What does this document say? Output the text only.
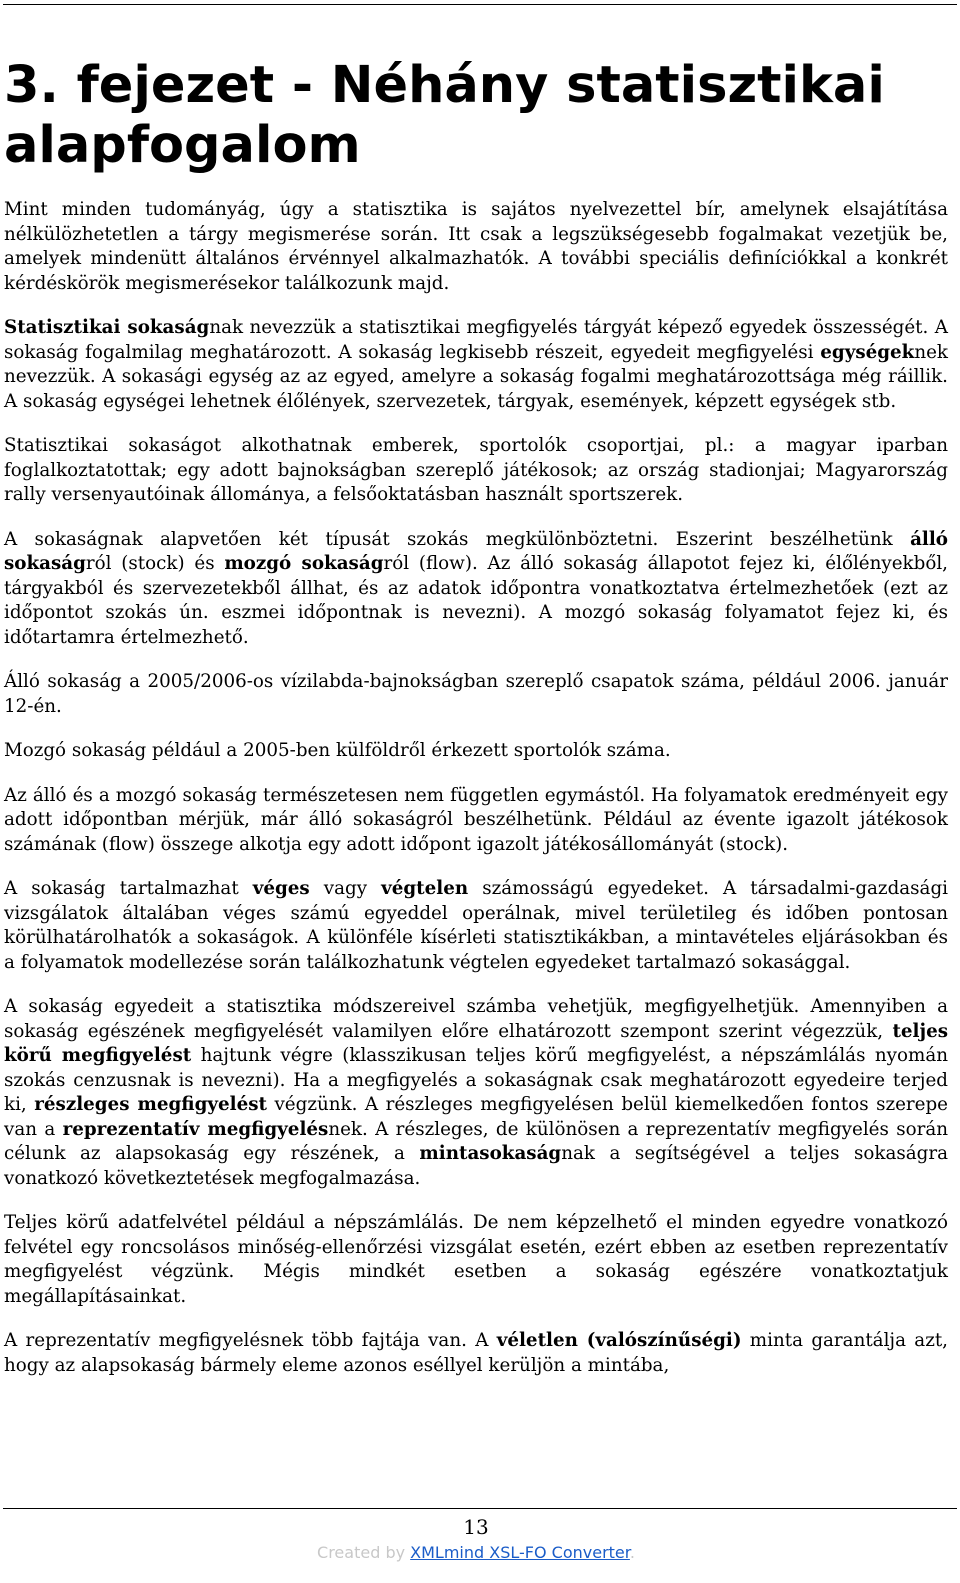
3. fejezet - Néhány statisztikai alapfogalom

Mint minden tudományág, úgy a statisztika is sajátos nyelvezettel bír, amelynek elsajátítása nélkülözhetetlen a tárgy megismerése során. Itt csak a legszükségesebb fogalmakat vezetjük be, amelyek mindenütt általános érvénnyel alkalmazhatók. A további speciális definíciókkal a konkrét kérdéskörök megismerésekor találkozunk majd.

Statisztikai sokaságnak nevezzük a statisztikai megfigyelés tárgyát képező egyedek összességét. A sokaság fogalmilag meghatározott. A sokaság legkisebb részeit, egyedeit megfigyelési egységeknek nevezzük. A sokasági egység az az egyed, amelyre a sokaság fogalmi meghatározottsága még ráillik. A sokaság egységei lehetnek élőlények, szervezetek, tárgyak, események, képzett egységek stb.

Statisztikai sokaságot alkothatnak emberek, sportolók csoportjai, pl.: a magyar iparban foglalkoztatottak; egy adott bajnokságban szereplő játékosok; az ország stadionjai; Magyarország rally versenyautóinak állománya, a felsőoktatásban használt sportszerek.

A sokaságnak alapvetően két típusát szokás megkülönböztetni. Eszerint beszélhetünk álló sokaságról (stock) és mozgó sokaságról (flow). Az álló sokaság állapotot fejez ki, élőlényekből, tárgyakból és szervezetekből állhat, és az adatok időpontra vonatkoztatva értelmezhetőek (ezt az időpontot szokás ún. eszmei időpontnak is nevezni). A mozgó sokaság folyamatot fejez ki, és időtartamra értelmezhető.

Álló sokaság a 2005/2006-os vízilabda-bajnokságban szereplő csapatok száma, például 2006. január 12-én.

Mozgó sokaság például a 2005-ben külföldről érkezett sportolók száma.

Az álló és a mozgó sokaság természetesen nem független egymástól. Ha folyamatok eredményeit egy adott időpontban mérjük, már álló sokaságról beszélhetünk. Például az évente igazolt játékosok számának (flow) összege alkotja egy adott időpont igazolt játékosállományát (stock).

A sokaság tartalmazhat véges vagy végtelen számosságú egyedeket. A társadalmi-gazdasági vizsgálatok általában véges számú egyeddel operálnak, mivel területileg és időben pontosan körülhatárolhatók a sokaságok. A különféle kísérleti statisztikákban, a mintavételes eljárásokban és a folyamatok modellezése során találkozhatunk végtelen egyedeket tartalmazó sokasággal.

A sokaság egyedeit a statisztika módszereivel számba vehetjük, megfigyelhetjük. Amennyiben a sokaság egészének megfigyelését valamilyen előre elhatározott szempont szerint végezzük, teljes körű megfigyelést hajtunk végre (klasszikusan teljes körű megfigyelést, a népszámlálás nyomán szokás cenzusnak is nevezni). Ha a megfigyelés a sokaságnak csak meghatározott egyedeire terjed ki, részleges megfigyelést végzünk. A részleges megfigyelésen belül kiemelkedően fontos szerepe van a reprezentatív megfigyelésnek. A részleges, de különösen a reprezentatív megfigyelés során célunk az alapsokaság egy részének, a mintasokaságnak a segítségével a teljes sokaságra vonatkozó következtetések megfogalmazása.

Teljes körű adatfelvétel például a népszámlálás. De nem képzelhető el minden egyedre vonatkozó felvétel egy roncsolásos minőség-ellenőrzési vizsgálat esetén, ezért ebben az esetben reprezentatív megfigyelést végzünk. Mégis mindkét esetben a sokaság egészére vonatkoztatjuk megállapításainkat.

A reprezentatív megfigyelésnek több fajtája van. A véletlen (valószínűségi) minta garantálja azt, hogy az alapsokaság bármely eleme azonos eséllyel kerüljön a mintába,

13
Created by XMLmind XSL-FO Converter.
